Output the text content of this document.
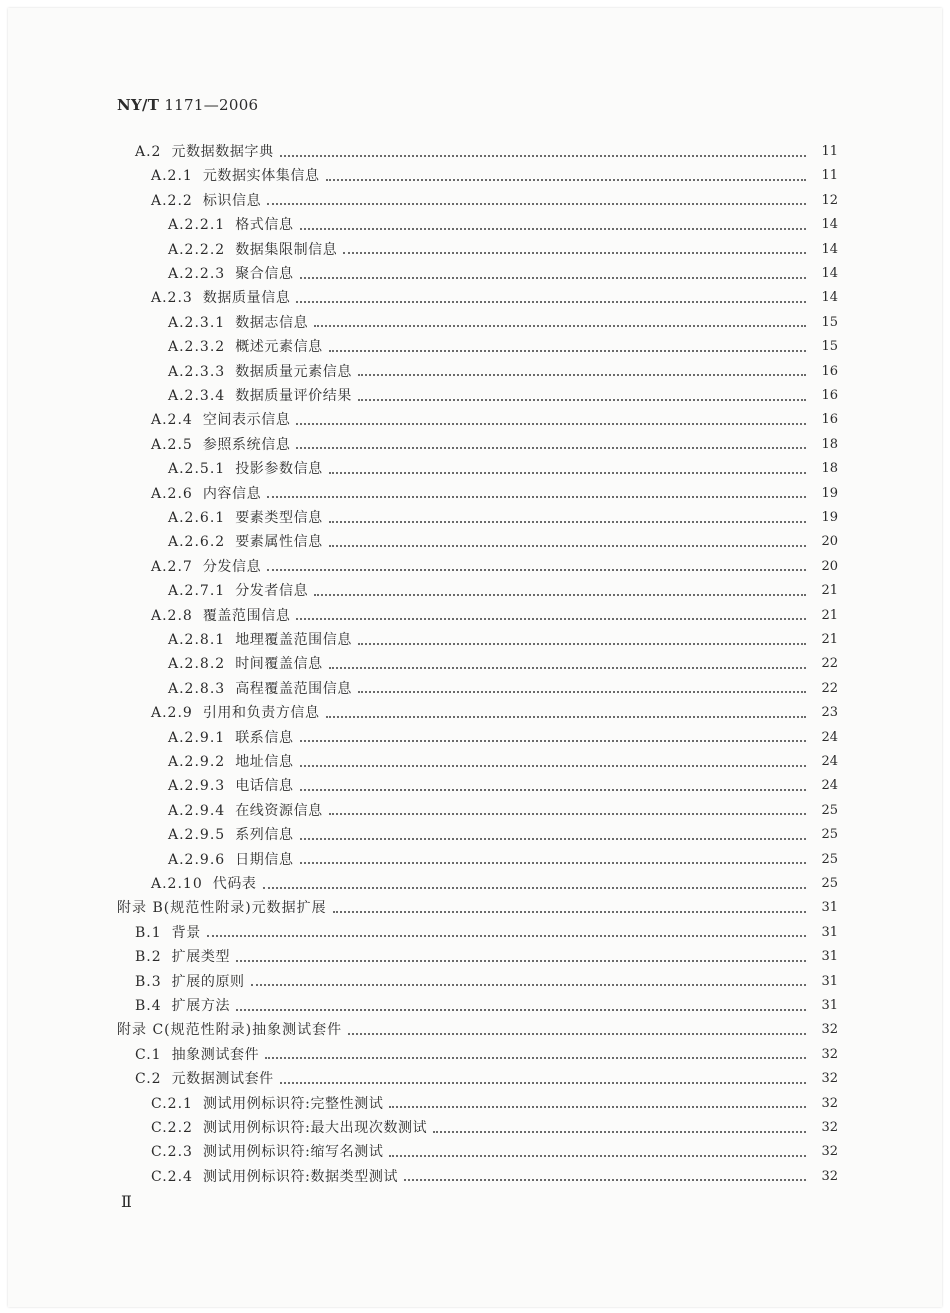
NY/T 1171—2006
A.2 元数据数据字典	11
A.2.1 元数据实体集信息	11
A.2.2 标识信息	12
A.2.2.1 格式信息	14
A.2.2.2 数据集限制信息	14
A.2.2.3 聚合信息	14
A.2.3 数据质量信息	14
A.2.3.1 数据志信息	15
A.2.3.2 概述元素信息	15
A.2.3.3 数据质量元素信息	16
A.2.3.4 数据质量评价结果	16
A.2.4 空间表示信息	16
A.2.5 参照系统信息	18
A.2.5.1 投影参数信息	18
A.2.6 内容信息	19
A.2.6.1 要素类型信息	19
A.2.6.2 要素属性信息	20
A.2.7 分发信息	20
A.2.7.1 分发者信息	21
A.2.8 覆盖范围信息	21
A.2.8.1 地理覆盖范围信息	21
A.2.8.2 时间覆盖信息	22
A.2.8.3 高程覆盖范围信息	22
A.2.9 引用和负责方信息	23
A.2.9.1 联系信息	24
A.2.9.2 地址信息	24
A.2.9.3 电话信息	24
A.2.9.4 在线资源信息	25
A.2.9.5 系列信息	25
A.2.9.6 日期信息	25
A.2.10 代码表	25
附录 B(规范性附录)元数据扩展	31
B.1 背景	31
B.2 扩展类型	31
B.3 扩展的原则	31
B.4 扩展方法	31
附录 C(规范性附录)抽象测试套件	32
C.1 抽象测试套件	32
C.2 元数据测试套件	32
C.2.1 测试用例标识符:完整性测试	32
C.2.2 测试用例标识符:最大出现次数测试	32
C.2.3 测试用例标识符:缩写名测试	32
C.2.4 测试用例标识符:数据类型测试	32
Ⅱ
